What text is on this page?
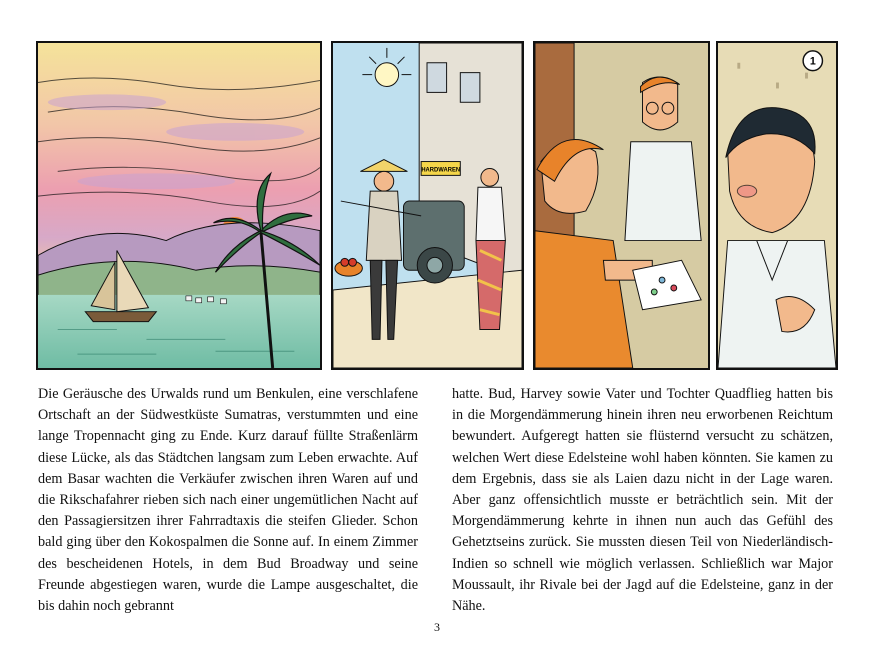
HARDWAREN
1

Die Geräusche des Urwalds rund um Benkulen, eine verschlafene Ortschaft an der Südwestküste Sumatras, verstummten und eine lange Tropennacht ging zu Ende. Kurz darauf füllte Straßenlärm diese Lücke, als das Städtchen langsam zum Leben erwachte. Auf dem Basar wachten die Verkäufer zwischen ihren Waren auf und die Rikschafahrer rieben sich nach einer ungemütlichen Nacht auf den Passagiersitzen ihrer Fahrradtaxis die steifen Glieder. Schon bald ging über den Kokospalmen die Sonne auf. In einem Zimmer des bescheidenen Hotels, in dem Bud Broadway und seine Freunde abgestiegen waren, wurde die Lampe ausgeschaltet, die bis dahin noch gebrannt

hatte. Bud, Harvey sowie Vater und Tochter Quadflieg hatten bis in die Morgendämmerung hinein ihren neu erworbenen Reichtum bewundert. Aufgeregt hatten sie flüsternd versucht zu schätzen, welchen Wert diese Edelsteine wohl haben könnten. Sie kamen zu dem Ergebnis, dass sie als Laien dazu nicht in der Lage waren. Aber ganz offensichtlich musste er beträchtlich sein. Mit der Morgendämmerung kehrte in ihnen nun auch das Gefühl des Gehetztseins zurück. Sie mussten diesen Teil von Niederländisch-Indien so schnell wie möglich verlassen. Schließlich war Major Moussault, ihr Rivale bei der Jagd auf die Edelsteine, ganz in der Nähe.

3
